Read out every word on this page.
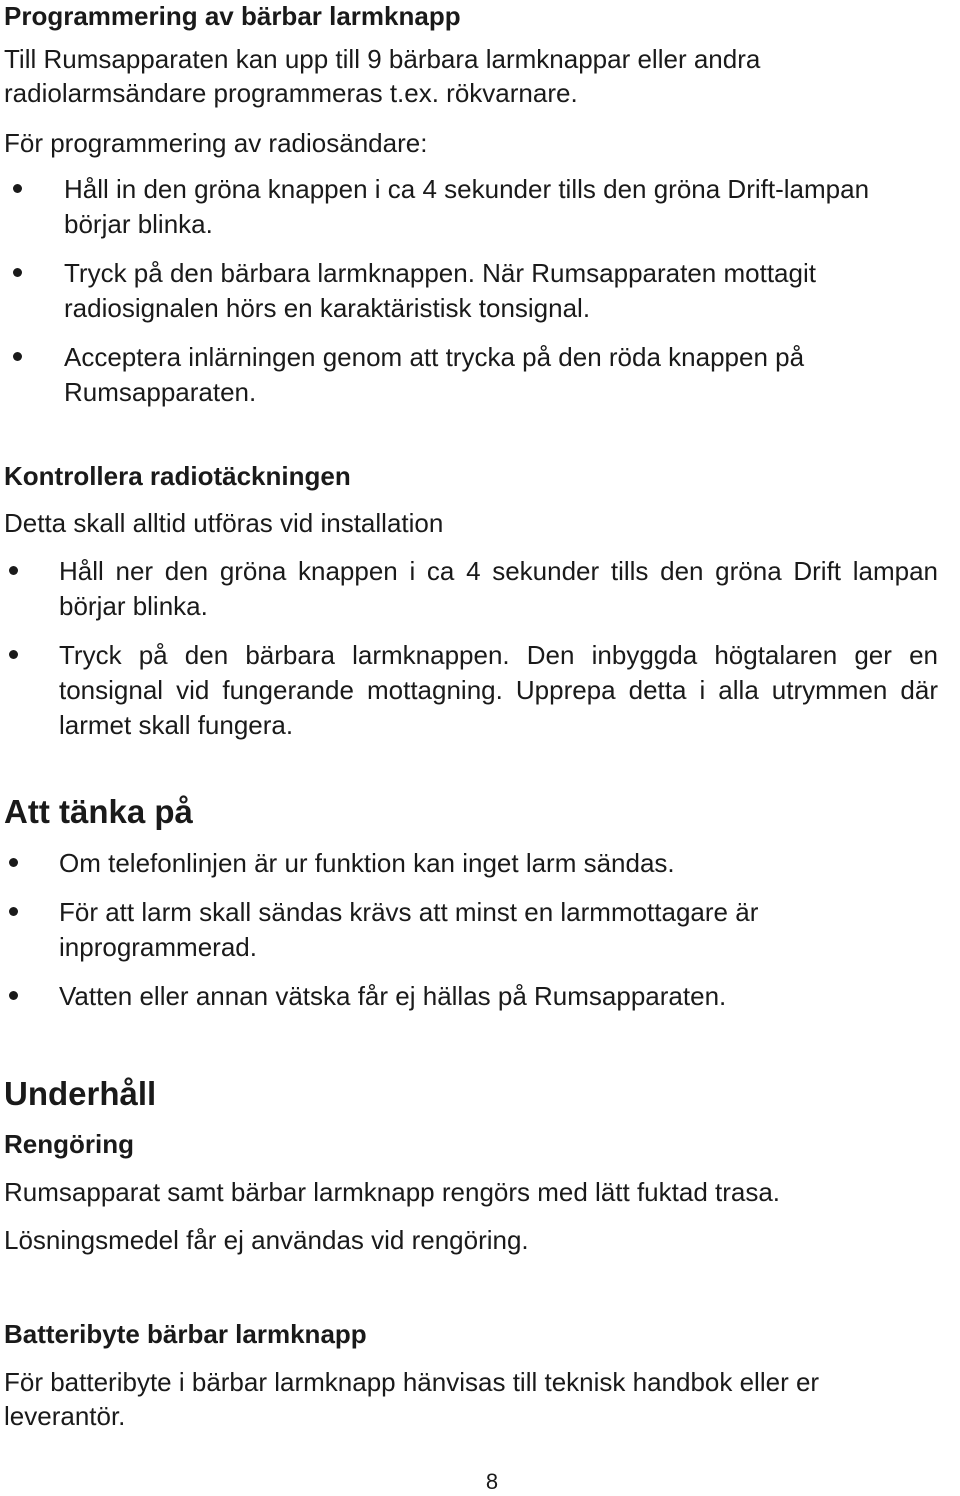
Programmering av bärbar larmknapp

Till Rumsapparaten kan upp till 9 bärbara larmknappar eller andra radiolarmsändare programmeras t.ex. rökvarnare.

För programmering av radiosändare:

Håll in den gröna knappen i ca 4 sekunder tills den gröna Drift-lampan börjar blinka.
Tryck på den bärbara larmknappen. När Rumsapparaten mottagit radiosignalen hörs en karaktäristisk tonsignal.
Acceptera inlärningen genom att trycka på den röda knappen på Rumsapparaten.
Kontrollera radiotäckningen

Detta skall alltid utföras vid installation

Håll ner den gröna knappen i ca 4 sekunder tills den gröna Drift lampan börjar blinka.
Tryck på den bärbara larmknappen. Den inbyggda högtalaren ger en tonsignal vid fungerande mottagning. Upprepa detta i alla utrymmen där larmet skall fungera.
Att tänka på
Om telefonlinjen är ur funktion kan inget larm sändas.
För att larm skall sändas krävs att minst en larmmottagare är inprogrammerad.
Vatten eller annan vätska får ej hällas på Rumsapparaten.
Underhåll
Rengöring

Rumsapparat samt bärbar larmknapp rengörs med lätt fuktad trasa.

Lösningsmedel får ej användas vid rengöring.

Batteribyte bärbar larmknapp

För batteribyte i bärbar larmknapp hänvisas till teknisk handbok eller er leverantör.

8
